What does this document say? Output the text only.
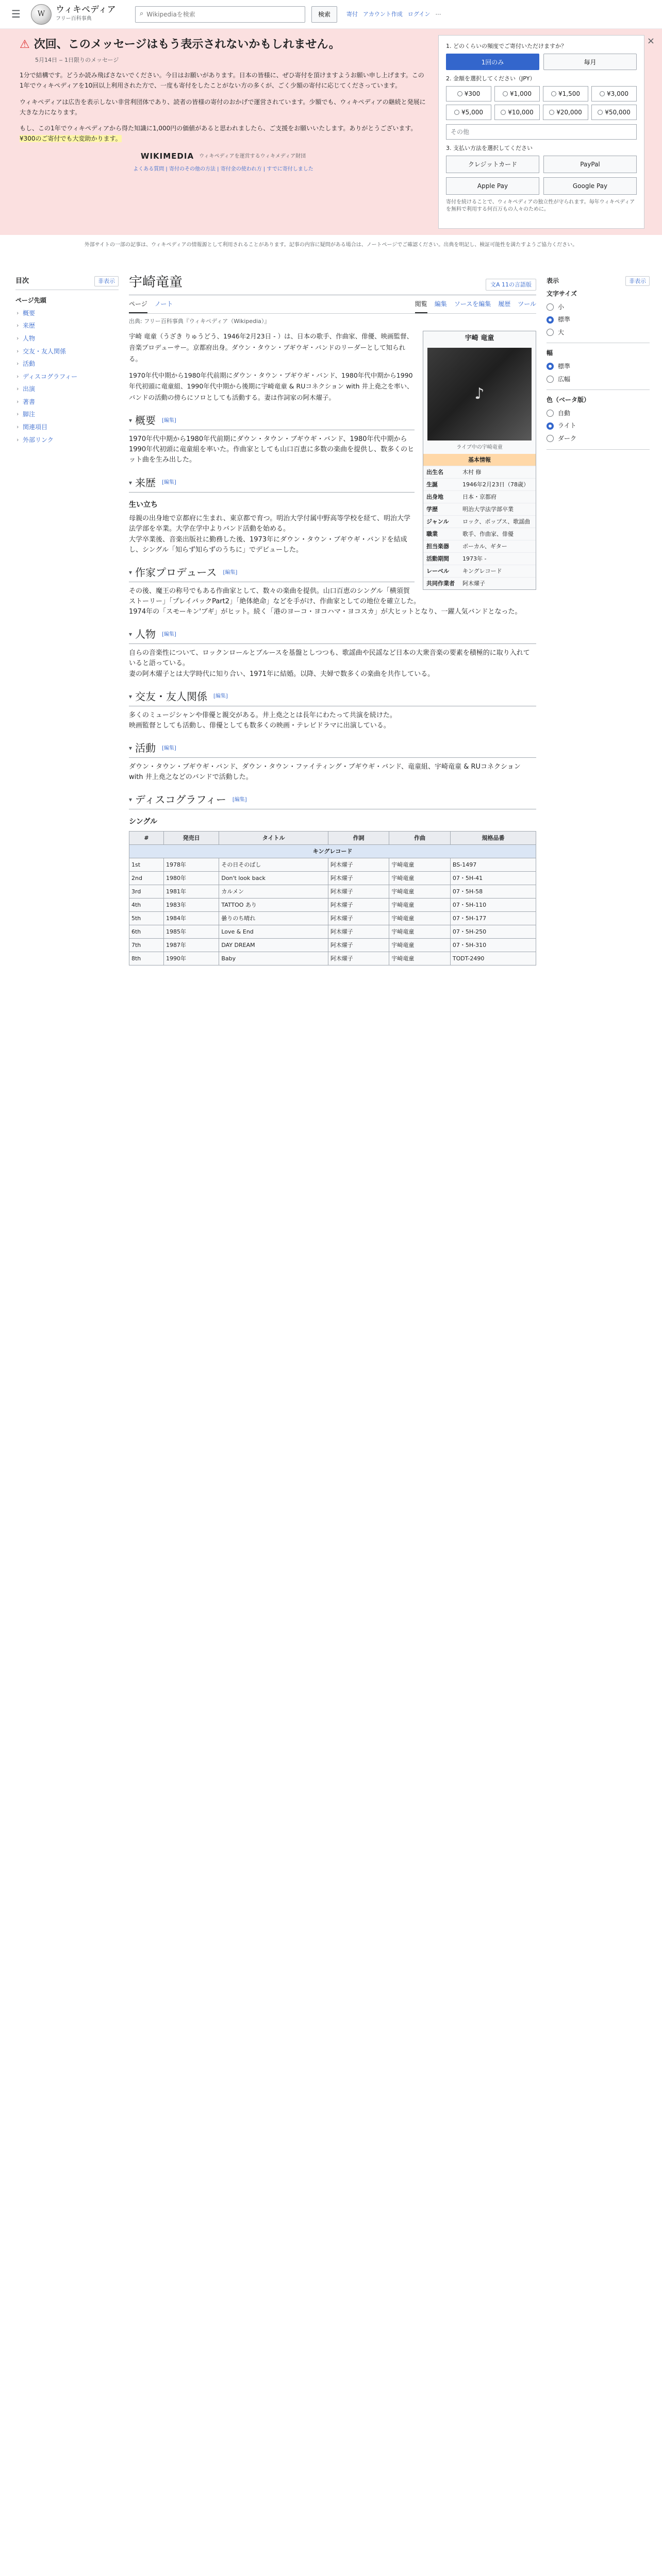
☰	W	ウィキペディア
フリー百科事典
⌕
Wikipediaを検索	検索	寄付 アカウント作成 ログイン ⋯
⚠ 次回、このメッセージはもう表示されないかもしれません。
5月14日 ‒ 1日限りのメッセージ

1分で結構です。どうか読み飛ばさないでください。今日はお願いがあります。日本の皆様に、ぜひ寄付を頂けますようお願い申し上げます。この1年でウィキペディアを10回以上利用された方で、一度も寄付をしたことがない方の多くが、ごく少額の寄付に応じてくださっています。

ウィキペディアは広告を表示しない非営利団体であり、読者の皆様の寄付のおかげで運営されています。少額でも、ウィキペディアの継続と発展に大きな力になります。

もし、この1年でウィキペディアから得た知識に1,000円の価値があると思われましたら、ご支援をお願いいたします。ありがとうございます。 ¥300のご寄付でも大変助かります。

WIKIMEDIA ウィキペディアを運営するウィキメディア財団
よくある質問 | 寄付のその他の方法 | 寄付金の使われ方 | すでに寄付しました
×
1. どのくらいの頻度でご寄付いただけますか？
1回のみ	毎月
2. 金額を選択してください（JPY）
¥300	¥1,000	¥1,500	¥3,000
¥5,000	¥10,000	¥20,000	¥50,000
その他
3. 支払い方法を選択してください
クレジットカード	PayPal
Apple Pay	Google Pay
寄付を続けることで、ウィキペディアの独立性が守られます。毎年ウィキペディアを無料で利用する何百万もの人々のために。
外部サイトの一部の記事は、ウィキペディアの情報源として利用されることがあります。記事の内容に疑問がある場合は、ノートページでご確認ください。出典を明記し、検証可能性を満たすようご協力ください。
目次	非表示
ページ先頭
› 概要
› 来歴
› 人物
› 交友・友人関係
› 活動
› ディスコグラフィー
› 出演
› 著書
› 脚注
› 関連項目
› 外部リンク
表示	非表示
文字サイズ
小
標準
大
幅
標準
広幅
色（ベータ版）
自動
ライト
ダーク
宇崎竜童	文A 11の言語版
ページ ノート	閲覧 編集 ソースを編集 履歴 ツール
出典: フリー百科事典『ウィキペディア（Wikipedia）』
宇崎 竜童
♪
ライブ中の宇崎竜童
基本情報
出生名	木村 修
生誕	1946年2月23日（78歳）
出身地	日本・京都府
学歴	明治大学法学部卒業
ジャンル	ロック、ポップス、歌謡曲
職業	歌手、作曲家、俳優
担当楽器	ボーカル、ギター
活動期間	1973年 -
レーベル	キングレコード
共同作業者	阿木燿子

宇崎 竜童（うざき りゅうどう、1946年2月23日 - ）は、日本の歌手、作曲家、俳優、映画監督、音楽プロデューサー。京都府出身。ダウン・タウン・ブギウギ・バンドのリーダーとして知られる。

1970年代中期から1980年代前期にダウン・タウン・ブギウギ・バンド、1980年代中期から1990年代初頭に竜童組、1990年代中期から後期に宇崎竜童 & RUコネクション with 井上堯之を率い、バンドの活動の傍らにソロとしても活動する。妻は作詞家の阿木燿子。

▾ 概要 [編集]

1970年代中期から1980年代前期にダウン・タウン・ブギウギ・バンド、1980年代中期から1990年代初頭に竜童組を率いた。作曲家としても山口百恵に多数の楽曲を提供し、数多くのヒット曲を生み出した。

▾ 来歴 [編集]
生い立ち

母親の出身地で京都府に生まれ、東京都で育つ。明治大学付属中野高等学校を経て、明治大学法学部を卒業。大学在学中よりバンド活動を始める。

大学卒業後、音楽出版社に勤務した後、1973年にダウン・タウン・ブギウギ・バンドを結成し、シングル「知らず知らずのうちに」でデビューした。

▾ 作家プロデュース [編集]

その後、魔王の称号でもある作曲家として、数々の楽曲を提供。山口百恵のシングル「横須賀ストーリー」「プレイバックPart2」「絶体絶命」などを手がけ、作曲家としての地位を確立した。

1974年の「スモーキン'ブギ」がヒット。続く「港のヨーコ・ヨコハマ・ヨコスカ」が大ヒットとなり、一躍人気バンドとなった。

▾ 人物 [編集]

自らの音楽性について、ロックンロールとブルースを基盤としつつも、歌謡曲や民謡など日本の大衆音楽の要素を積極的に取り入れていると語っている。

妻の阿木燿子とは大学時代に知り合い、1971年に結婚。以降、夫婦で数多くの楽曲を共作している。

▾ 交友・友人関係 [編集]

多くのミュージシャンや俳優と親交がある。井上堯之とは長年にわたって共演を続けた。

映画監督としても活動し、俳優としても数多くの映画・テレビドラマに出演している。

▾ 活動 [編集]

ダウン・タウン・ブギウギ・バンド、ダウン・タウン・ファイティング・ブギウギ・バンド、竜童組、宇崎竜童 & RUコネクション with 井上堯之などのバンドで活動した。

▾ ディスコグラフィー [編集]
シングル
#	発売日	タイトル	作詞	作曲	規格品番
キングレコード					
1st	1978年	その日そのばし	阿木燿子	宇崎竜童	BS-1497
2nd	1980年	Don't look back	阿木燿子	宇崎竜童	07・5H-41
3rd	1981年	カルメン	阿木燿子	宇崎竜童	07・5H-58
4th	1983年	TATTOO あり	阿木燿子	宇崎竜童	07・5H-110
5th	1984年	曇りのち晴れ	阿木燿子	宇崎竜童	07・5H-177
6th	1985年	Love & End	阿木燿子	宇崎竜童	07・5H-250
7th	1987年	DAY DREAM	阿木燿子	宇崎竜童	07・5H-310
8th	1990年	Baby	阿木燿子	宇崎竜童	TODT-2490
